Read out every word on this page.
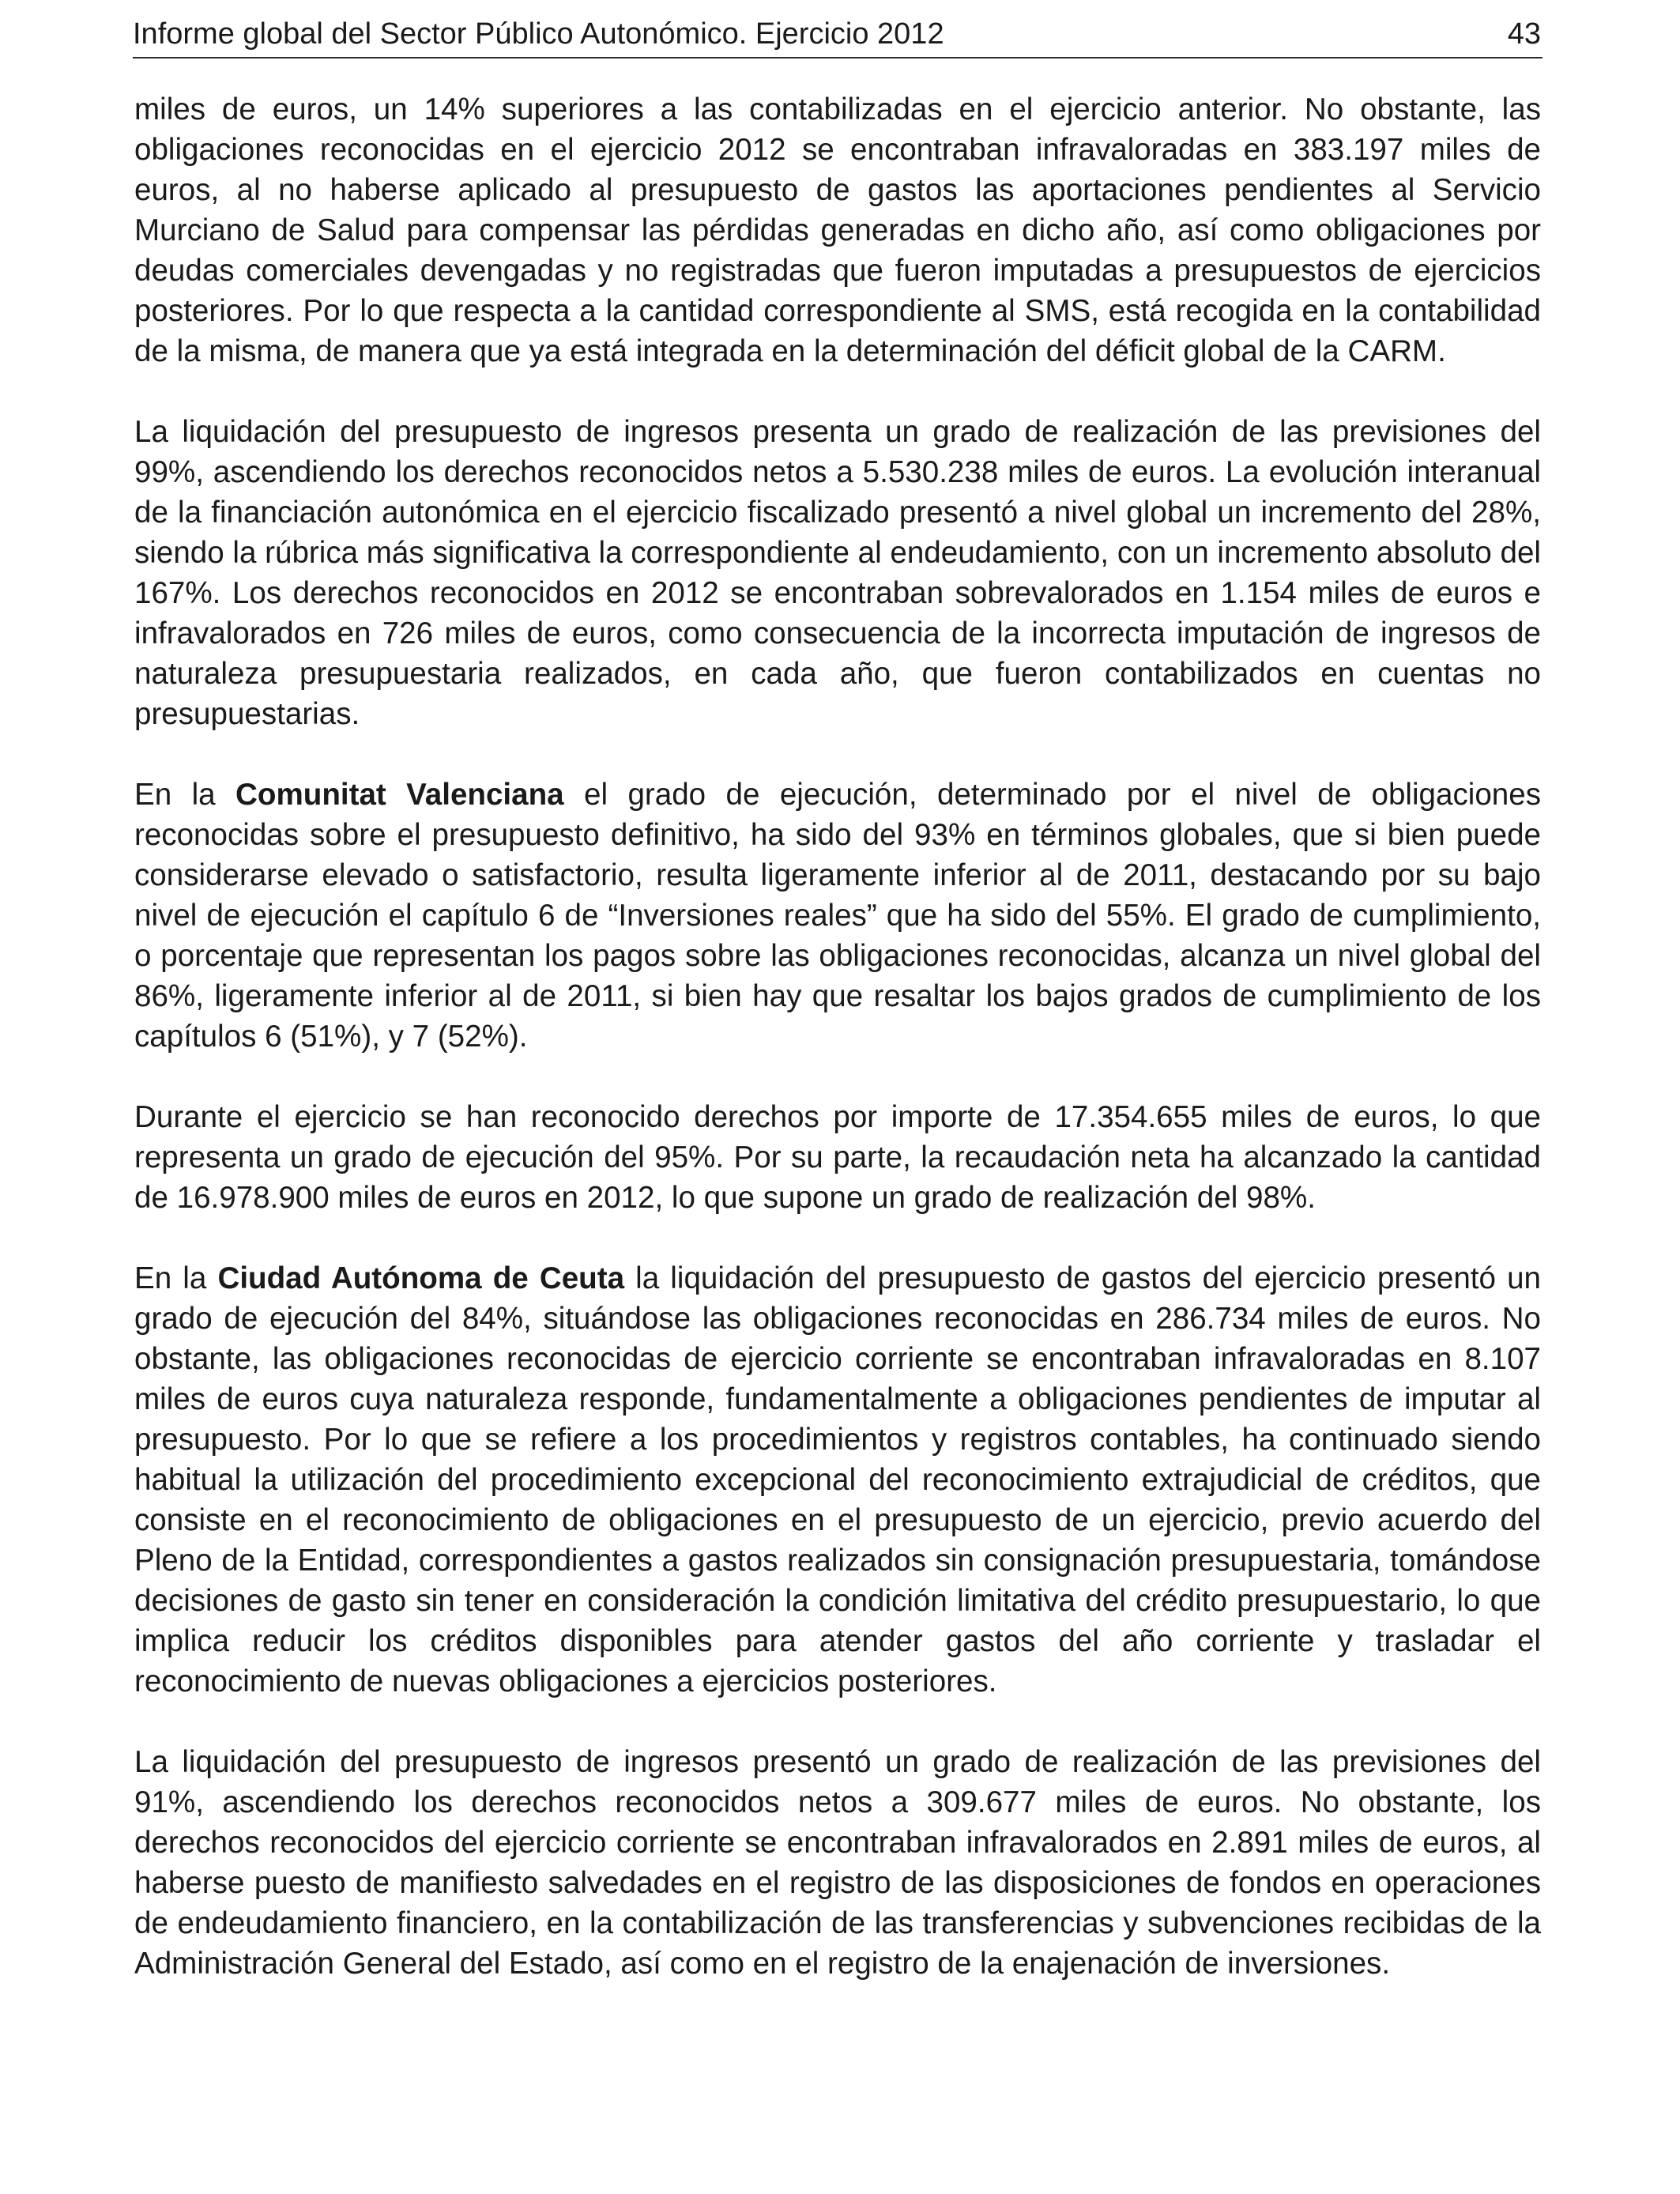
Informe global del Sector Público Autonómico. Ejercicio 2012	43

miles de euros, un 14% superiores a las contabilizadas en el ejercicio anterior. No obstante, las obligaciones reconocidas en el ejercicio 2012 se encontraban infravaloradas en 383.197 miles de euros, al no haberse aplicado al presupuesto de gastos las aportaciones pendientes al Servicio Murciano de Salud para compensar las pérdidas generadas en dicho año, así como obligaciones por deudas comerciales devengadas y no registradas que fueron imputadas a presupuestos de ejercicios posteriores. Por lo que respecta a la cantidad correspondiente al SMS, está recogida en la contabilidad de la misma, de manera que ya está integrada en la determinación del déficit global de la CARM.

La liquidación del presupuesto de ingresos presenta un grado de realización de las previsiones del 99%, ascendiendo los derechos reconocidos netos a 5.530.238 miles de euros. La evolución interanual de la financiación autonómica en el ejercicio fiscalizado presentó a nivel global un incremento del 28%, siendo la rúbrica más significativa la correspondiente al endeudamiento, con un incremento absoluto del 167%. Los derechos reconocidos en 2012 se encontraban sobrevalorados en 1.154 miles de euros e infravalorados en 726 miles de euros, como consecuencia de la incorrecta imputación de ingresos de naturaleza presupuestaria realizados, en cada año, que fueron contabilizados en cuentas no presupuestarias.

En la Comunitat Valenciana el grado de ejecución, determinado por el nivel de obligaciones reconocidas sobre el presupuesto definitivo, ha sido del 93% en términos globales, que si bien puede considerarse elevado o satisfactorio, resulta ligeramente inferior al de 2011, destacando por su bajo nivel de ejecución el capítulo 6 de “Inversiones reales” que ha sido del 55%. El grado de cumplimiento, o porcentaje que representan los pagos sobre las obligaciones reconocidas, alcanza un nivel global del 86%, ligeramente inferior al de 2011, si bien hay que resaltar los bajos grados de cumplimiento de los capítulos 6 (51%), y 7 (52%).

Durante el ejercicio se han reconocido derechos por importe de 17.354.655 miles de euros, lo que representa un grado de ejecución del 95%. Por su parte, la recaudación neta ha alcanzado la cantidad de 16.978.900 miles de euros en 2012, lo que supone un grado de realización del 98%.

En la Ciudad Autónoma de Ceuta la liquidación del presupuesto de gastos del ejercicio presentó un grado de ejecución del 84%, situándose las obligaciones reconocidas en 286.734 miles de euros. No obstante, las obligaciones reconocidas de ejercicio corriente se encontraban infravaloradas en 8.107 miles de euros cuya naturaleza responde, fundamentalmente a obligaciones pendientes de imputar al presupuesto. Por lo que se refiere a los procedimientos y registros contables, ha continuado siendo habitual la utilización del procedimiento excepcional del reconocimiento extrajudicial de créditos, que consiste en el reconocimiento de obligaciones en el presupuesto de un ejercicio, previo acuerdo del Pleno de la Entidad, correspondientes a gastos realizados sin consignación presupuestaria, tomándose decisiones de gasto sin tener en consideración la condición limitativa del crédito presupuestario, lo que implica reducir los créditos disponibles para atender gastos del año corriente y trasladar el reconocimiento de nuevas obligaciones a ejercicios posteriores.

La liquidación del presupuesto de ingresos presentó un grado de realización de las previsiones del 91%, ascendiendo los derechos reconocidos netos a 309.677 miles de euros. No obstante, los derechos reconocidos del ejercicio corriente se encontraban infravalorados en 2.891 miles de euros, al haberse puesto de manifiesto salvedades en el registro de las disposiciones de fondos en operaciones de endeudamiento financiero, en la contabilización de las transferencias y subvenciones recibidas de la Administración General del Estado, así como en el registro de la enajenación de inversiones.
